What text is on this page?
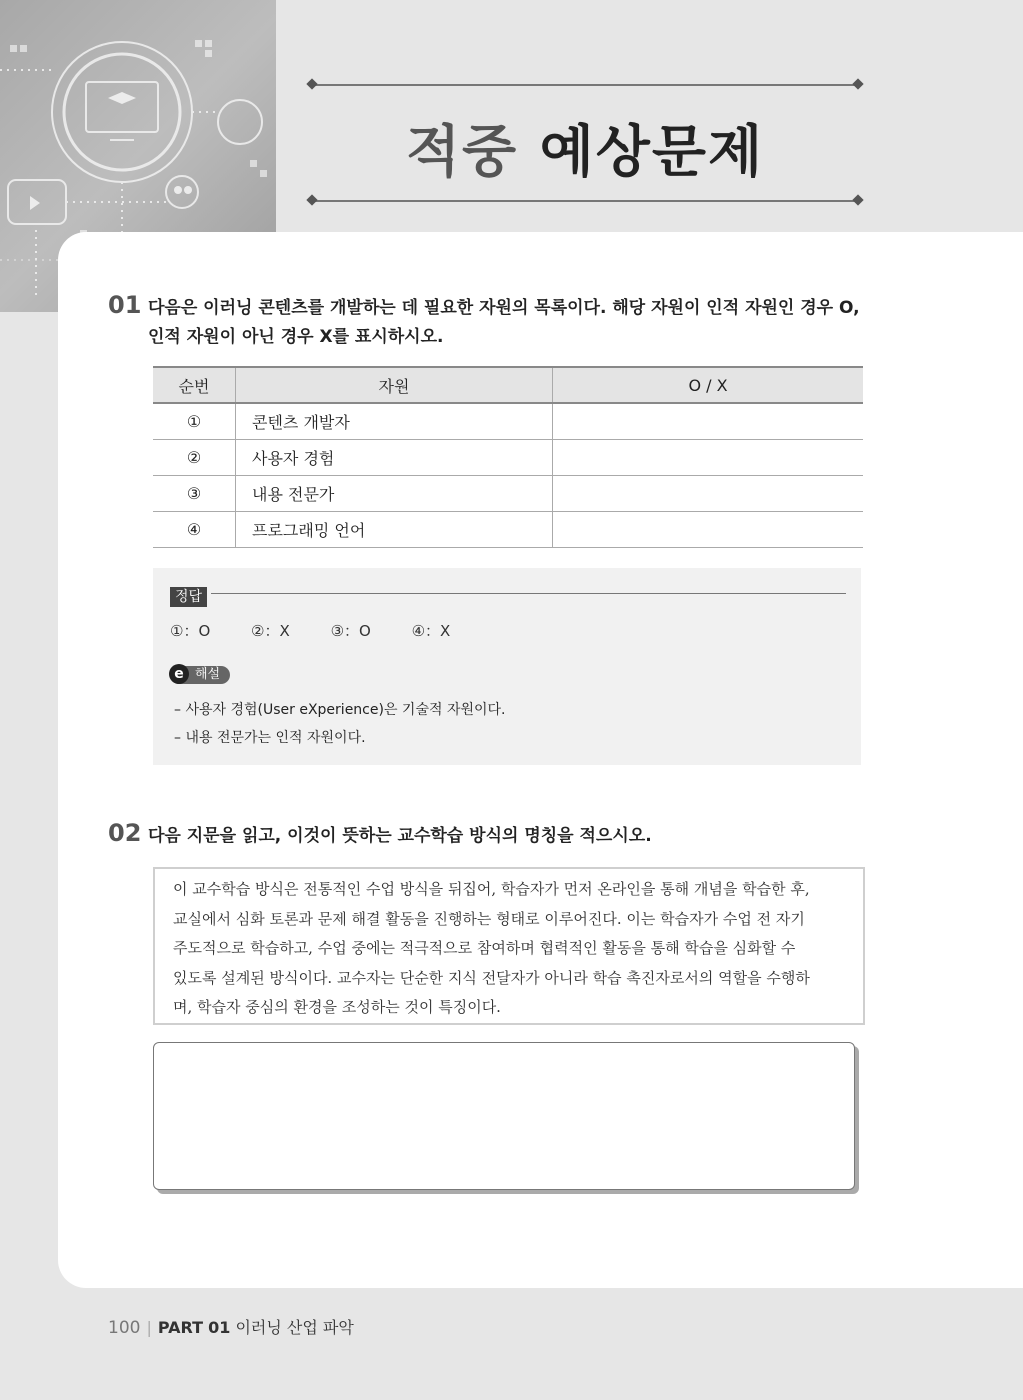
적중 예상문제
01 다음은 이러닝 콘텐츠를 개발하는 데 필요한 자원의 목록이다. 해당 자원이 인적 자원인 경우 O,
인적 자원이 아닌 경우 X를 표시하시오.
순번	자원	O / X
①	콘텐츠 개발자	
②	사용자 경험	
③	내용 전문가	
④	프로그래밍 언어	
정답
①：O	②：X	③：O	④：X
e 해설
– 사용자 경험(User eXperience)은 기술적 자원이다.
– 내용 전문가는 인적 자원이다.
02 다음 지문을 읽고, 이것이 뜻하는 교수학습 방식의 명칭을 적으시오.
이 교수학습 방식은 전통적인 수업 방식을 뒤집어, 학습자가 먼저 온라인을 통해 개념을 학습한 후,
교실에서 심화 토론과 문제 해결 활동을 진행하는 형태로 이루어진다. 이는 학습자가 수업 전 자기
주도적으로 학습하고, 수업 중에는 적극적으로 참여하며 협력적인 활동을 통해 학습을 심화할 수
있도록 설계된 방식이다. 교수자는 단순한 지식 전달자가 아니라 학습 촉진자로서의 역할을 수행하
며, 학습자 중심의 환경을 조성하는 것이 특징이다.
100 | PART 01 이러닝 산업 파악
